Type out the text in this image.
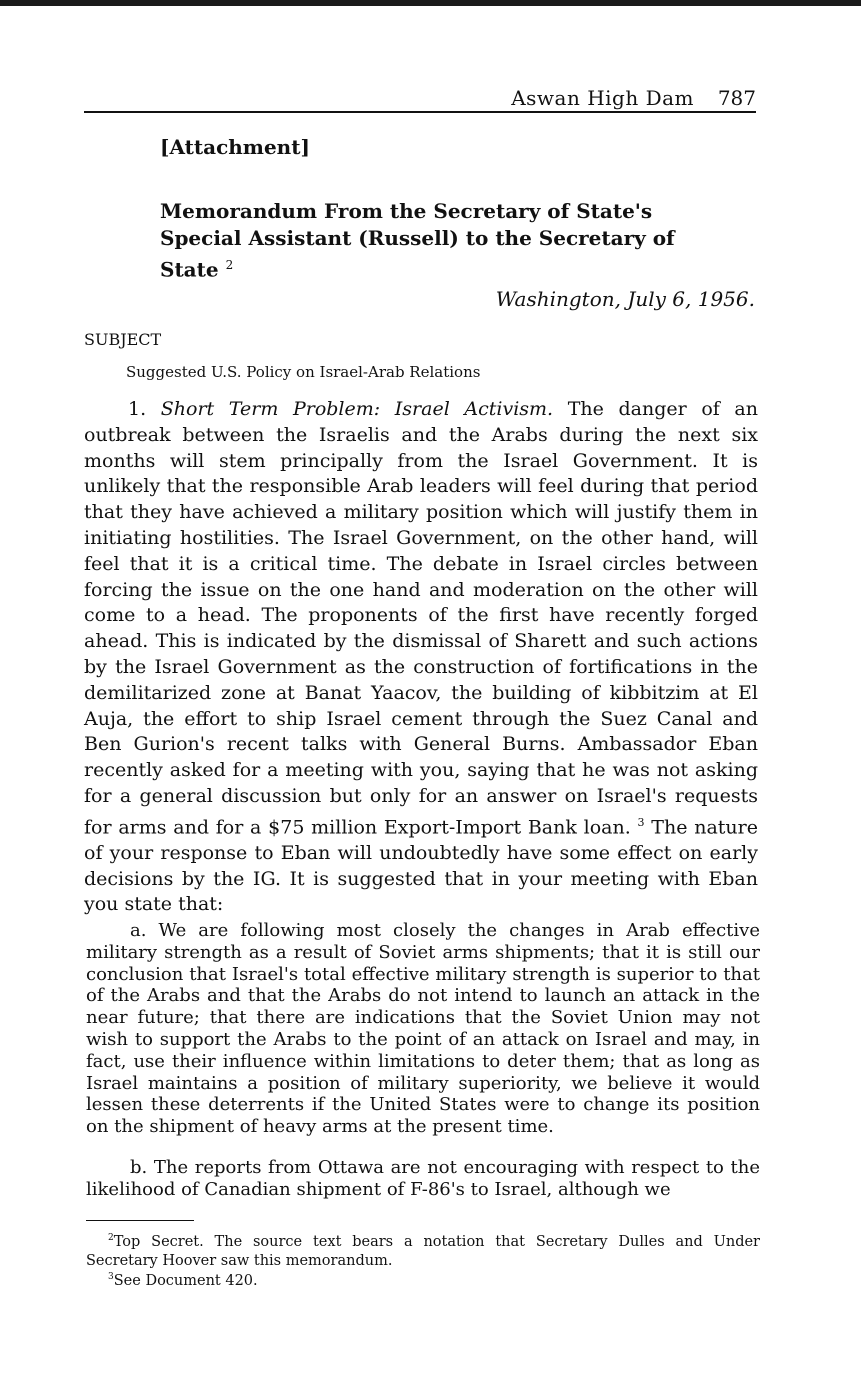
Aswan High Dam 787
[Attachment]
Memorandum From the Secretary of State's Special Assistant (Russell) to the Secretary of State $^2$
Washington, July 6, 1956.
SUBJECT
Suggested U.S. Policy on Israel-Arab Relations

1. Short Term Problem: Israel Activism. The danger of an outbreak between the Israelis and the Arabs during the next six months will stem principally from the Israel Government. It is unlikely that the responsible Arab leaders will feel during that period that they have achieved a military position which will justify them in initiating hostilities. The Israel Government, on the other hand, will feel that it is a critical time. The debate in Israel circles between forcing the issue on the one hand and moderation on the other will come to a head. The proponents of the first have recently forged ahead. This is indicated by the dismissal of Sharett and such actions by the Israel Government as the construction of fortifications in the demilitarized zone at Banat Yaacov, the building of kibbitzim at El Auja, the effort to ship Israel cement through the Suez Canal and Ben Gurion's recent talks with General Burns. Ambassador Eban recently asked for a meeting with you, saying that he was not asking for a general discussion but only for an answer on Israel's requests for arms and for a $75 million Export-Import Bank loan. $^3$ The nature of your response to Eban will undoubtedly have some effect on early decisions by the IG. It is suggested that in your meeting with Eban you state that:

a. We are following most closely the changes in Arab effective military strength as a result of Soviet arms shipments; that it is still our conclusion that Israel's total effective military strength is superior to that of the Arabs and that the Arabs do not intend to launch an attack in the near future; that there are indications that the Soviet Union may not wish to support the Arabs to the point of an attack on Israel and may, in fact, use their influence within limitations to deter them; that as long as Israel maintains a position of military superiority, we believe it would lessen these deterrents if the United States were to change its position on the shipment of heavy arms at the present time.

b. The reports from Ottawa are not encouraging with respect to the likelihood of Canadian shipment of F-86's to Israel, although we

$^2$Top Secret. The source text bears a notation that Secretary Dulles and Under Secretary Hoover saw this memorandum.

$^3$See Document 420.
